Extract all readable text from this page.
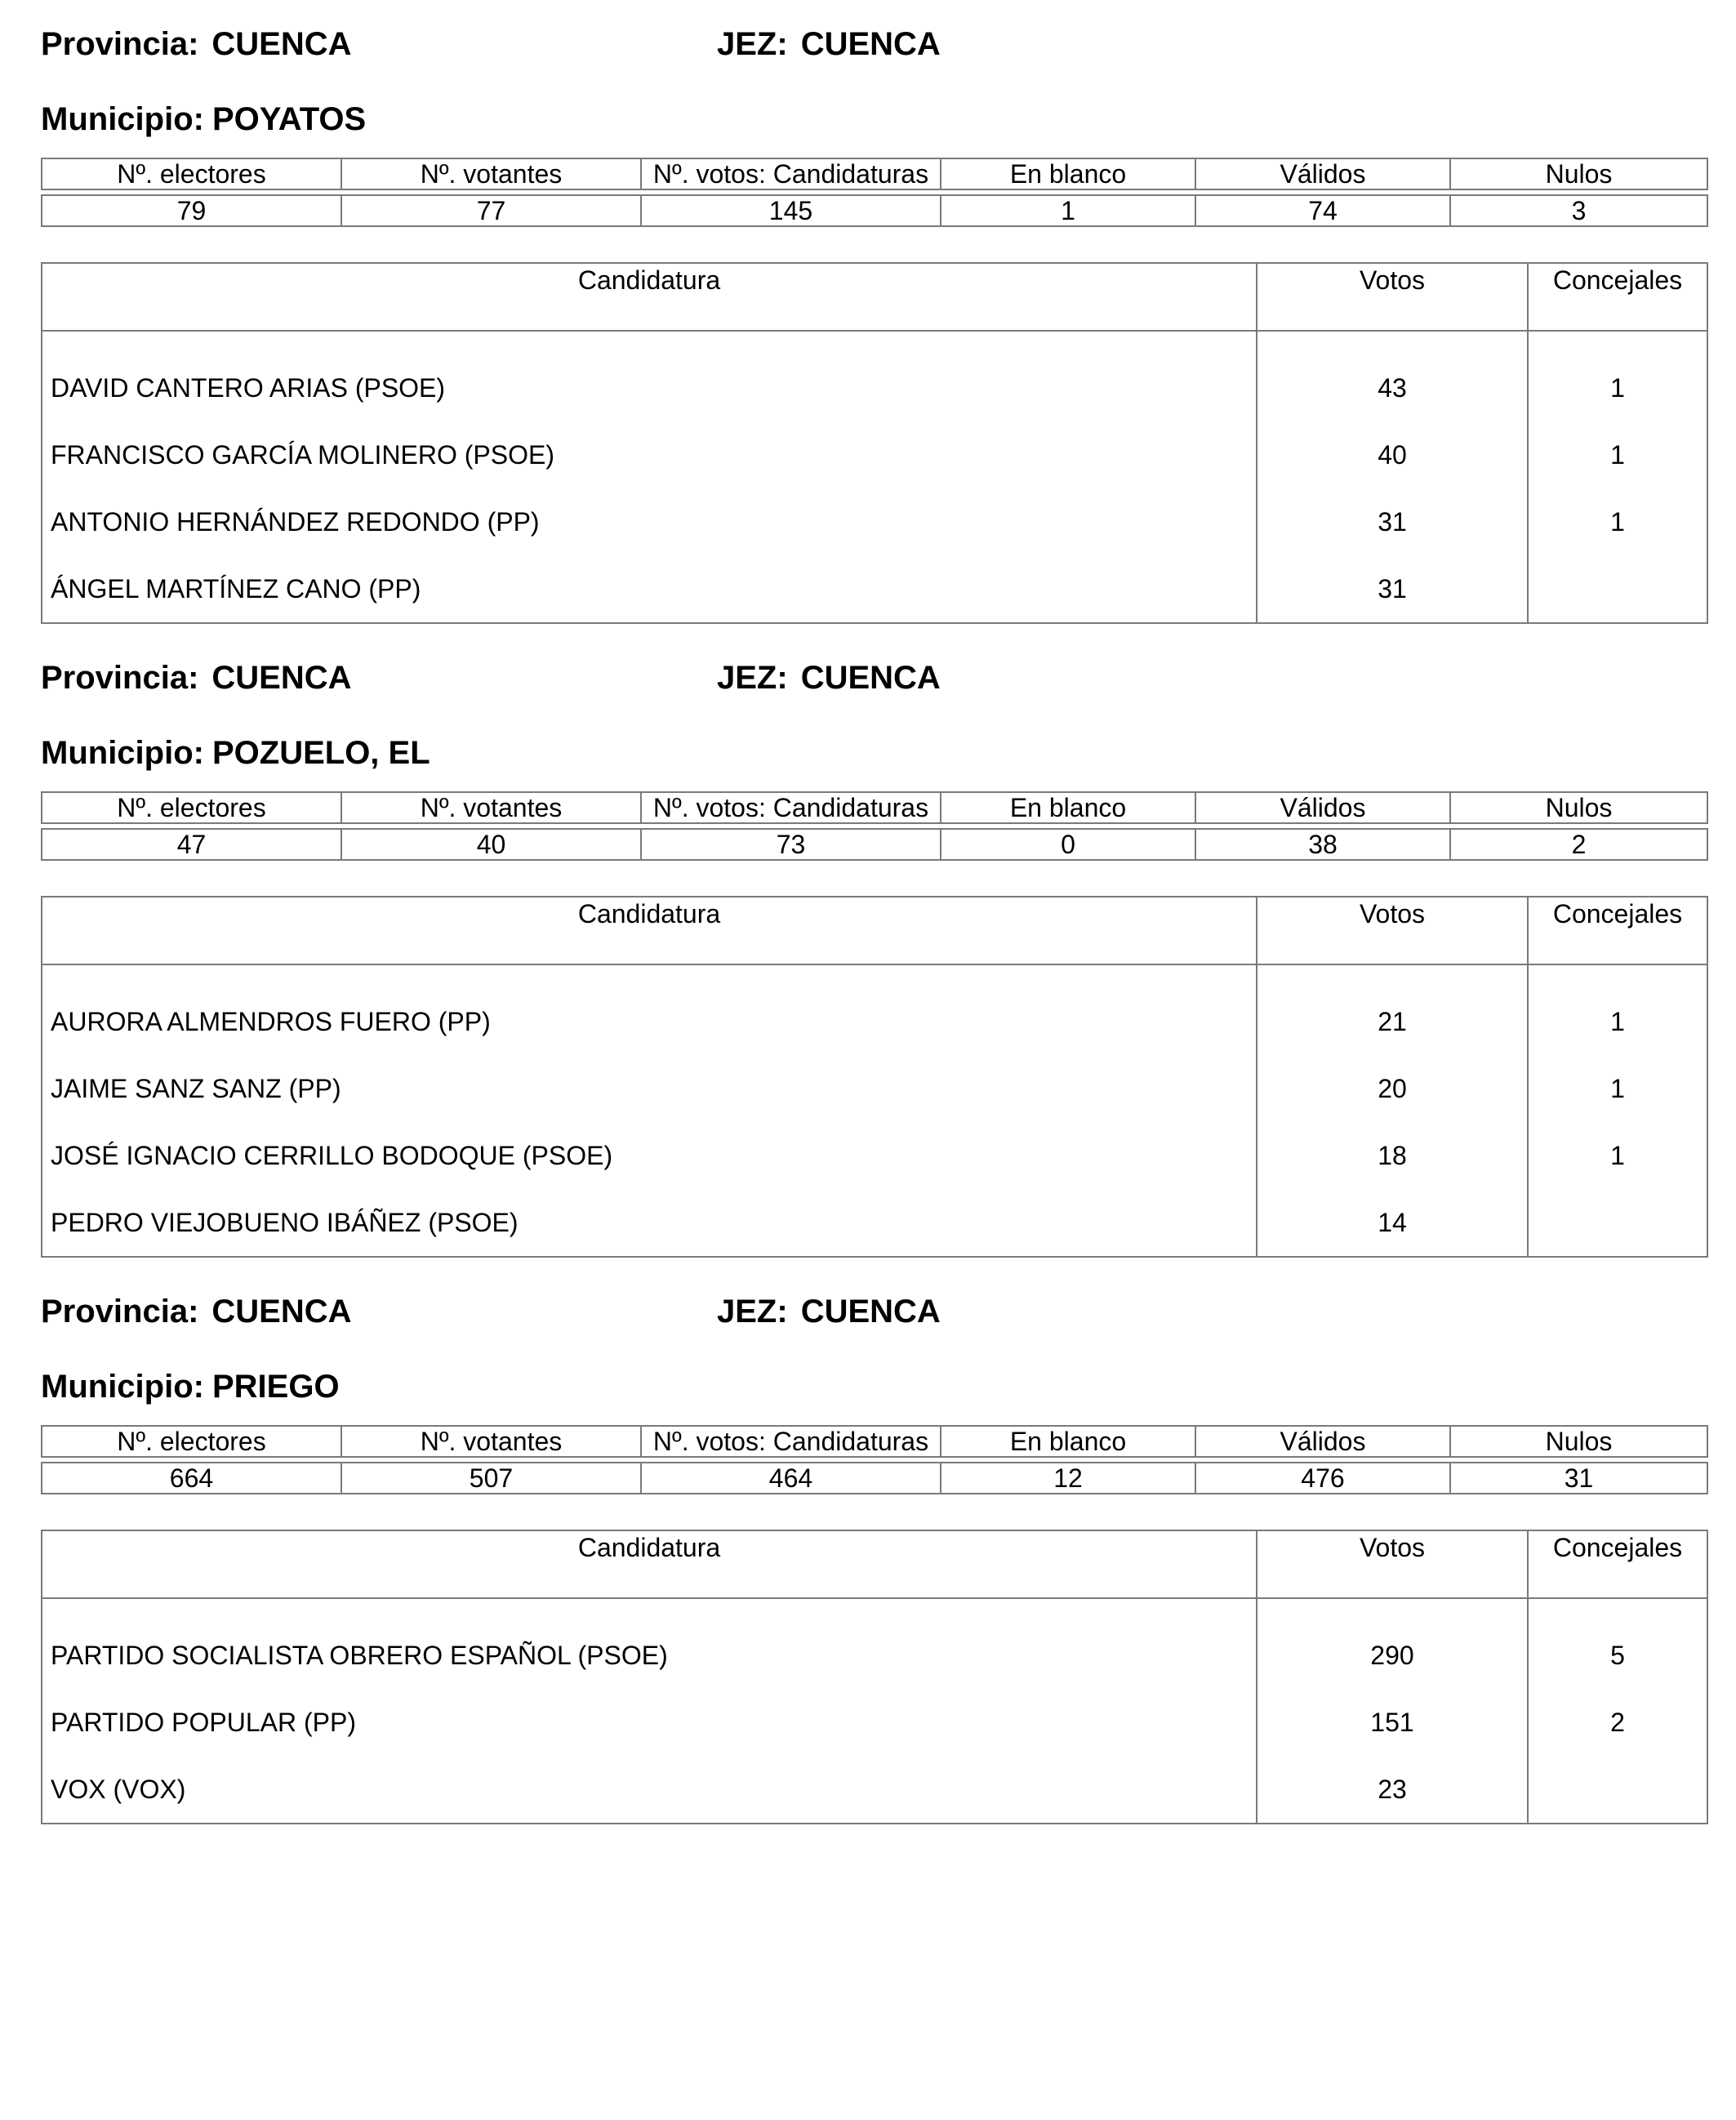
Provincia: CUENCA	JEZ: CUENCA
Municipio: POYATOS
Nº. electores	Nº. votantes	Nº. votos: Candidaturas	En blanco	Válidos	Nulos

79	77	145	1	74	3
Candidatura	Votos	Concejales
DAVID CANTERO ARIAS (PSOE)	43	1
FRANCISCO GARCÍA MOLINERO (PSOE)	40	1
ANTONIO HERNÁNDEZ REDONDO (PP)	31	1
ÁNGEL MARTÍNEZ CANO (PP)	31	
Provincia: CUENCA	JEZ: CUENCA
Municipio: POZUELO, EL
Nº. electores	Nº. votantes	Nº. votos: Candidaturas	En blanco	Válidos	Nulos

47	40	73	0	38	2
Candidatura	Votos	Concejales
AURORA ALMENDROS FUERO (PP)	21	1
JAIME SANZ SANZ (PP)	20	1
JOSÉ IGNACIO CERRILLO BODOQUE (PSOE)	18	1
PEDRO VIEJOBUENO IBÁÑEZ (PSOE)	14	
Provincia: CUENCA	JEZ: CUENCA
Municipio: PRIEGO
Nº. electores	Nº. votantes	Nº. votos: Candidaturas	En blanco	Válidos	Nulos

664	507	464	12	476	31
Candidatura	Votos	Concejales
PARTIDO SOCIALISTA OBRERO ESPAÑOL (PSOE)	290	5
PARTIDO POPULAR (PP)	151	2
VOX (VOX)	23	
